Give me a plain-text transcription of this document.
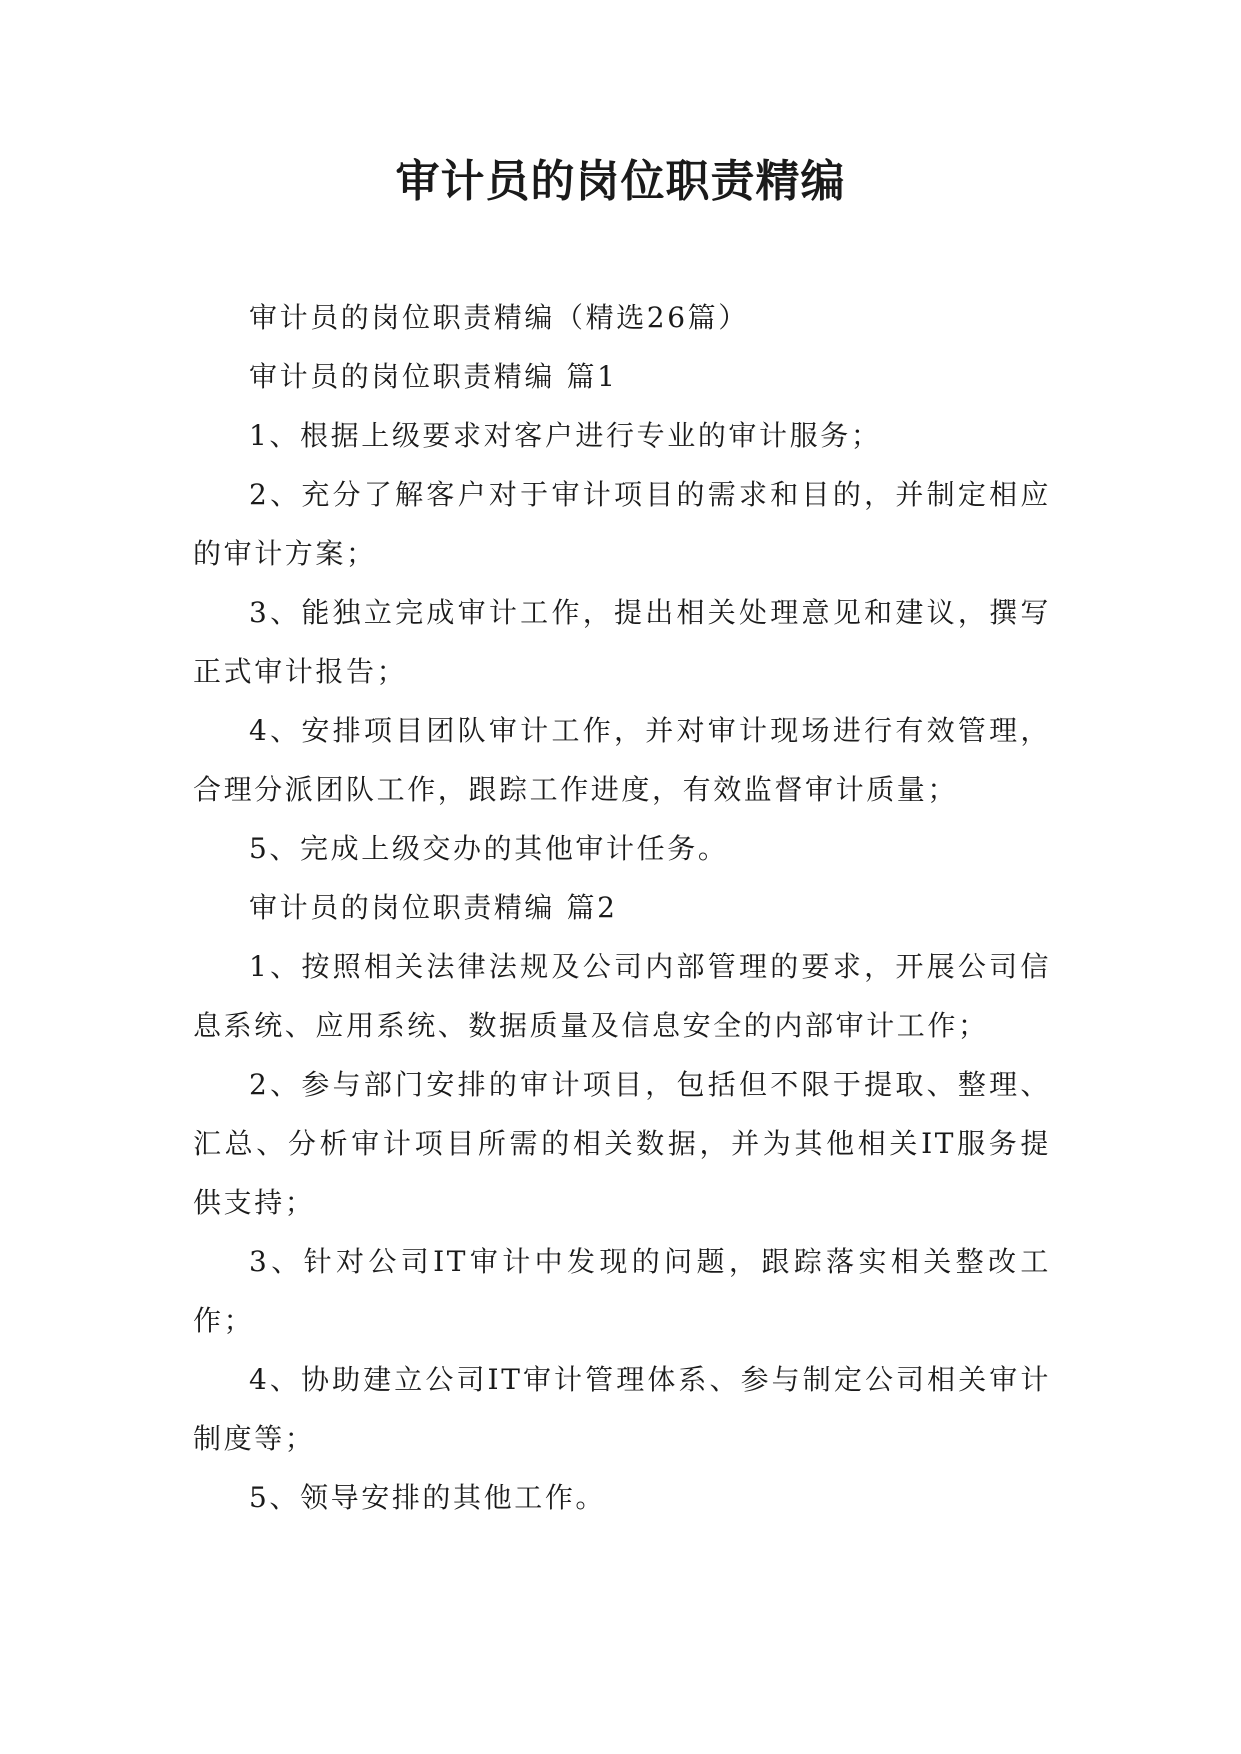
审计员的岗位职责精编

审计员的岗位职责精编（精选26篇）

审计员的岗位职责精编 篇1

1、根据上级要求对客户进行专业的审计服务；

2、充分了解客户对于审计项目的需求和目的，并制定相应的审计方案；

3、能独立完成审计工作，提出相关处理意见和建议，撰写正式审计报告；

4、安排项目团队审计工作，并对审计现场进行有效管理，合理分派团队工作，跟踪工作进度，有效监督审计质量；

5、完成上级交办的其他审计任务。

审计员的岗位职责精编 篇2

1、按照相关法律法规及公司内部管理的要求，开展公司信息系统、应用系统、数据质量及信息安全的内部审计工作；

2、参与部门安排的审计项目，包括但不限于提取、整理、汇总、分析审计项目所需的相关数据，并为其他相关IT服务提供支持；

3、针对公司IT审计中发现的问题，跟踪落实相关整改工作；

4、协助建立公司IT审计管理体系、参与制定公司相关审计制度等；

5、领导安排的其他工作。
